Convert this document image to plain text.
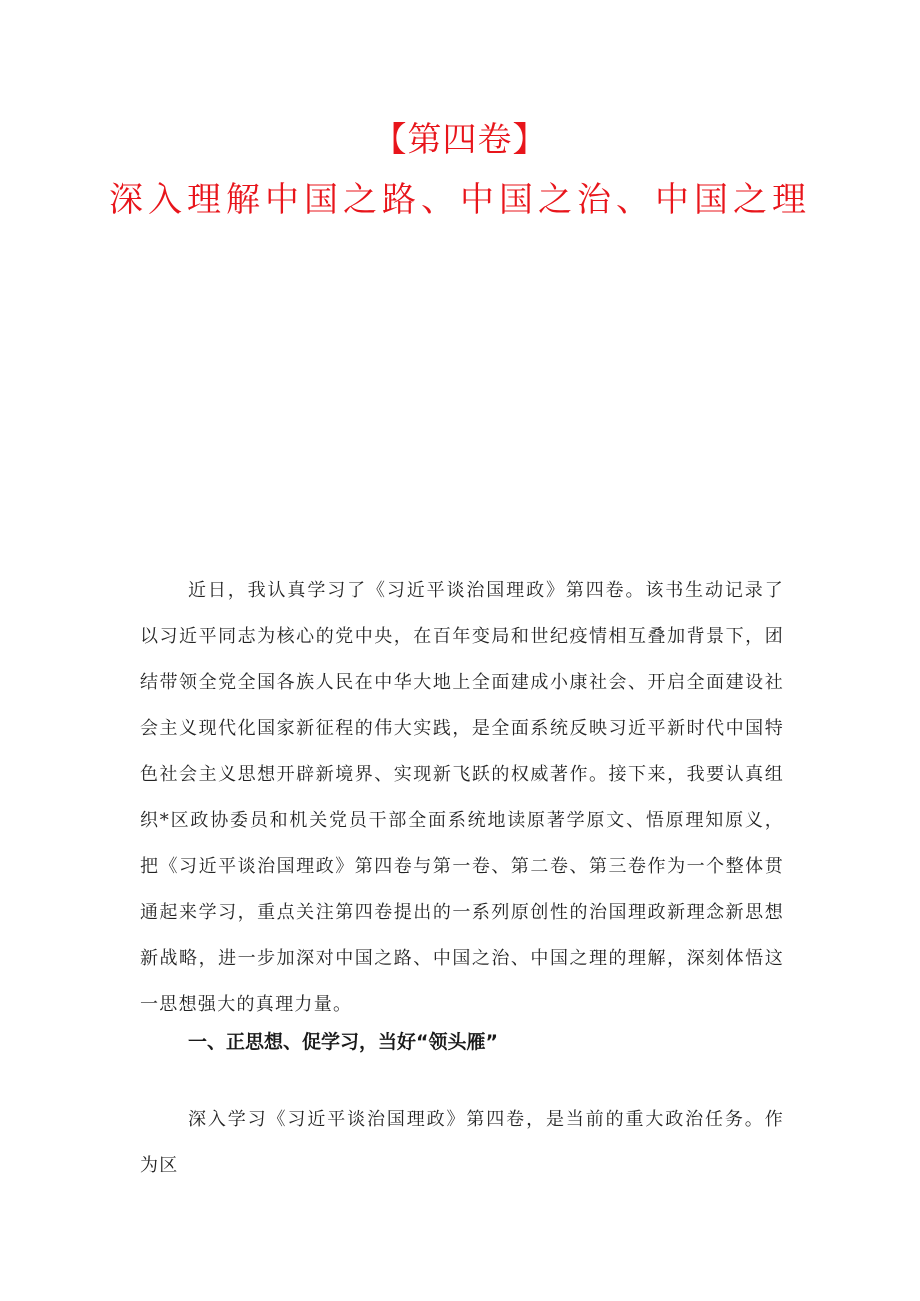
【第四卷】
深入理解中国之路、中国之治、中国之理

近日，我认真学习了《习近平谈治国理政》第四卷。该书生动记录了以习近平同志为核心的党中央，在百年变局和世纪疫情相互叠加背景下，团结带领全党全国各族人民在中华大地上全面建成小康社会、开启全面建设社会主义现代化国家新征程的伟大实践，是全面系统反映习近平新时代中国特色社会主义思想开辟新境界、实现新飞跃的权威著作。接下来，我要认真组织*区政协委员和机关党员干部全面系统地读原著学原文、悟原理知原义，把《习近平谈治国理政》第四卷与第一卷、第二卷、第三卷作为一个整体贯通起来学习，重点关注第四卷提出的一系列原创性的治国理政新理念新思想新战略，进一步加深对中国之路、中国之治、中国之理的理解，深刻体悟这一思想强大的真理力量。

一、正思想、促学习，当好“领头雁”

深入学习《习近平谈治国理政》第四卷，是当前的重大政治任务。作为区
